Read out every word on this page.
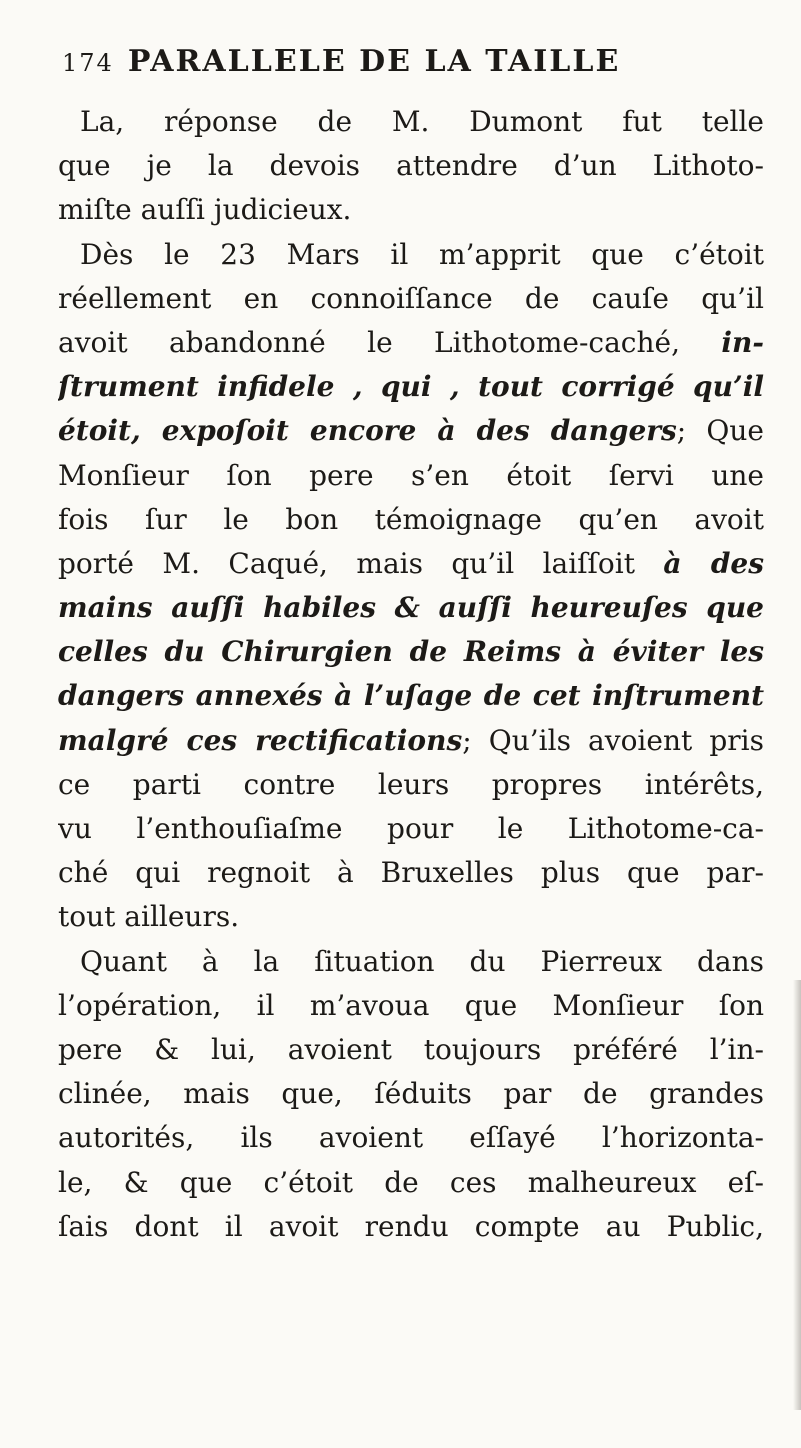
174 PARALLELE DE LA TAILLE
La, réponse de M. Dumont fut telle
que je la devois attendre d’un Lithoto-
miſte auſſi judicieux.
Dès le 23 Mars il m’apprit que c’étoit
réellement en connoiſſance de cauſe qu’il
avoit abandonné le Lithotome-caché, in-
ſtrument infidele , qui , tout corrigé qu’il
étoit, expoſoit encore à des dangers; Que
Monſieur ſon pere s’en étoit ſervi une
fois ſur le bon témoignage qu’en avoit
porté M. Caqué, mais qu’il laiſſoit à des
mains auſſi habiles & auſſi heureuſes que
celles du Chirurgien de Reims à éviter les
dangers annexés à l’uſage de cet inſtrument
malgré ces rectifications; Qu’ils avoient pris
ce parti contre leurs propres intérêts,
vu l’enthouſiaſme pour le Lithotome-ca-
ché qui regnoit à Bruxelles plus que par-
tout ailleurs.
Quant à la ſituation du Pierreux dans
l’opération, il m’avoua que Monſieur ſon
pere & lui, avoient toujours préféré l’in-
clinée, mais que, ſéduits par de grandes
autorités, ils avoient eſſayé l’horizonta-
le, & que c’étoit de ces malheureux eſ-
ſais dont il avoit rendu compte au Public,
